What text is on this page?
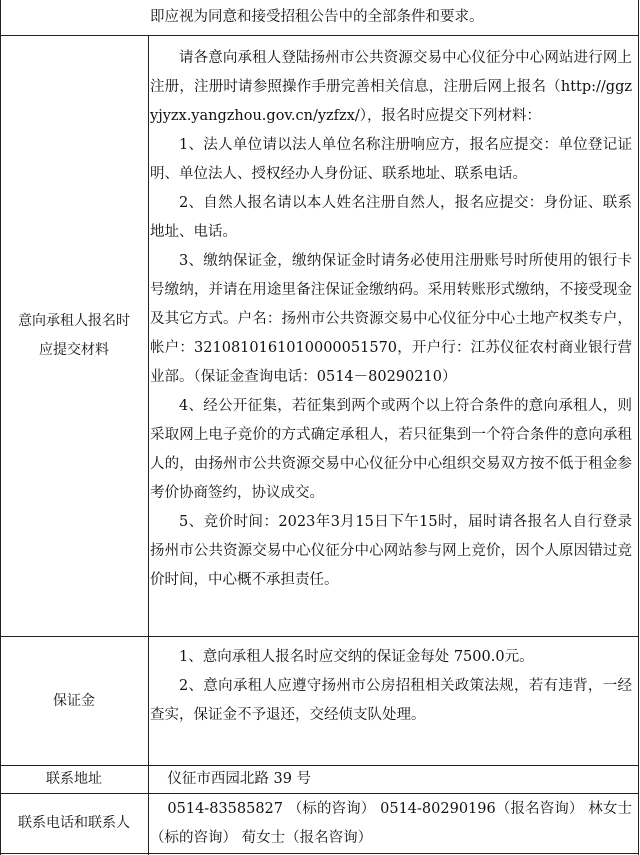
即应视为同意和接受招租公告中的全部条件和要求。

意向承租人报名时
应提交材料

请各意向承租人登陆扬州市公共资源交易中心仪征分中心网站进行网上注册，注册时请参照操作手册完善相关信息，注册后网上报名（http://ggzyjyzx.yangzhou.gov.cn/yzfzx/），报名时应提交下列材料：

1、法人单位请以法人单位名称注册响应方，报名应提交：单位登记证明、单位法人、授权经办人身份证、联系地址、联系电话。

2、自然人报名请以本人姓名注册自然人，报名应提交：身份证、联系地址、电话。

3、缴纳保证金，缴纳保证金时请务必使用注册账号时所使用的银行卡号缴纳，并请在用途里备注保证金缴纳码。采用转账形式缴纳，不接受现金及其它方式。户名：扬州市公共资源交易中心仪征分中心土地产权类专户，帐户：32108101610100000515​70，开户行：江苏仪征农村商业银行营业部。（保证金查询电话：0514－80290210）

4、经公开征集，若征集到两个或两个以上符合条件的意向承租人，则采取网上电子竞价的方式确定承租人，若只征集到一个符合条件的意向承租人的，由扬州市公共资源交易中心仪征分中心组织交易双方按不低于租金参考价协商签约，协议成交。

5、竞价时间：2023年3月15日下午15时，届时请各报名人自行登录扬州市公共资源交易中心仪征分中心网站参与网上竞价，因个人原因错过竞价时间，中心概不承担责任。

保证金

1、意向承租人报名时应交纳的保证金每处 7500.0元。

2、意向承租人应遵守扬州市公房招租相关政策法规，若有违背，一经查实，保证金不予退还，交经侦支队处理。

联系地址	仪征市西园北路 39 号

联系电话和联系人

0514-83585827 （标的咨询） 0514-80290196（报名咨询） 林女士（标的咨询） 荀女士（报名咨询）
